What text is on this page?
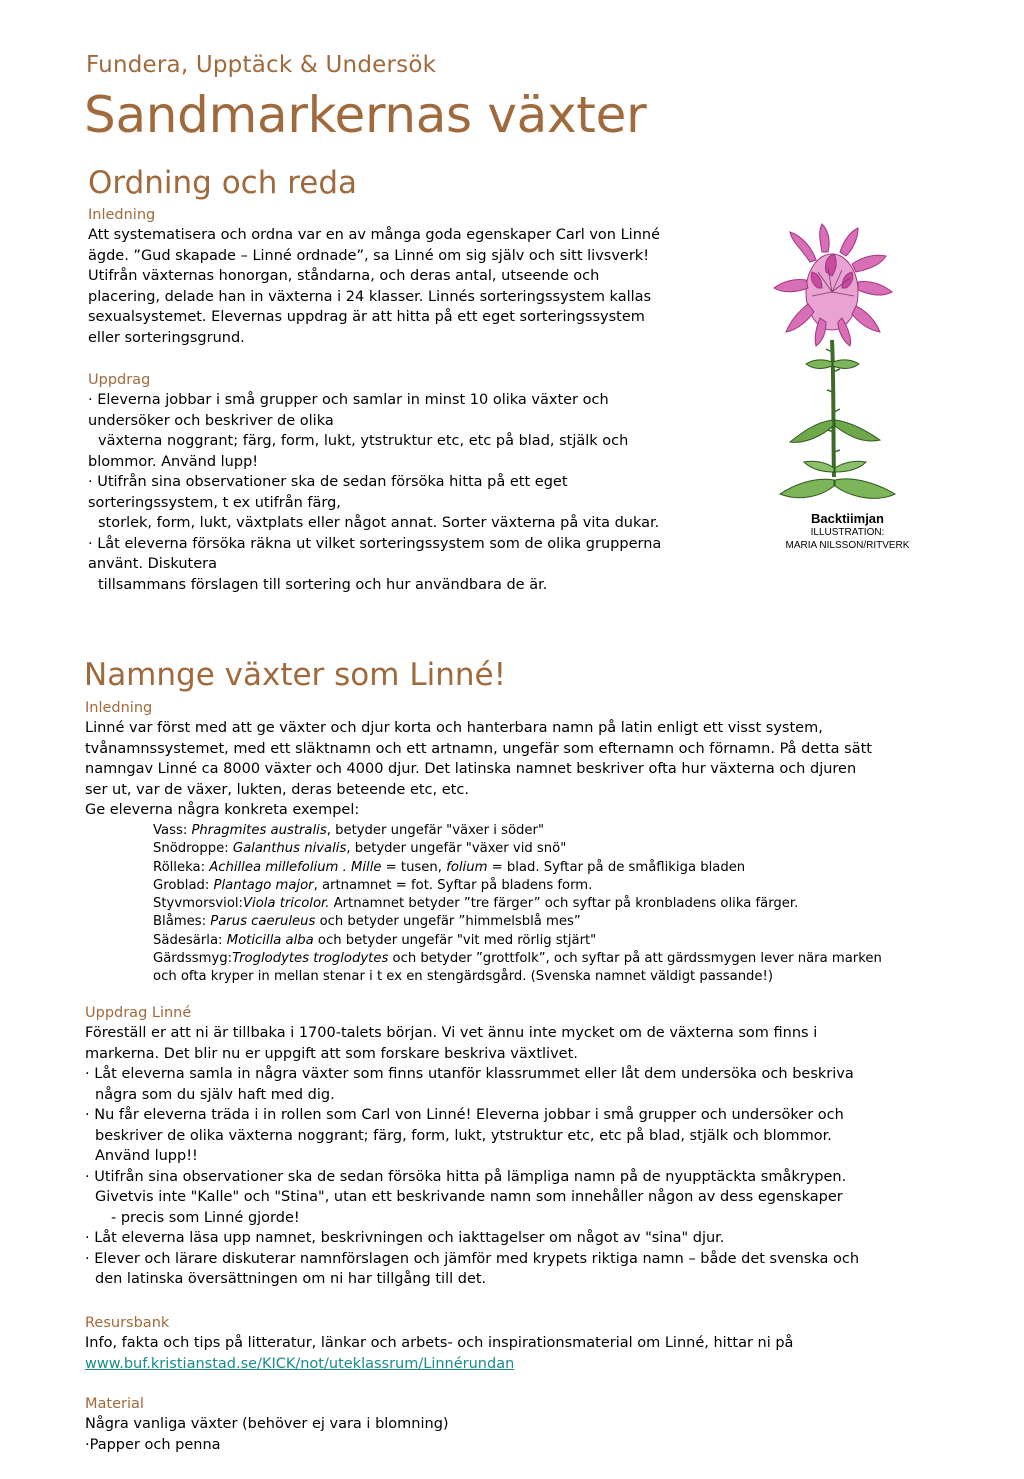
Fundera, Upptäck & Undersök
Sandmarkernas växter
Ordning och reda
Inledning
Att systematisera och ordna var en av många goda egenskaper Carl von Linné
ägde. ”Gud skapade – Linné ordnade”, sa Linné om sig själv och sitt livsverk!
Utifrån växternas honorgan, ståndarna, och deras antal, utseende och
placering, delade han in växterna i 24 klasser. Linnés sorteringssystem kallas
sexualsystemet. Elevernas uppdrag är att hitta på ett eget sorteringssystem
eller sorteringsgrund.
Uppdrag
· Eleverna jobbar i små grupper och samlar in minst 10 olika växter och
undersöker och beskriver de olika
växterna noggrant; färg, form, lukt, ytstruktur etc, etc på blad, stjälk och
blommor. Använd lupp!
· Utifrån sina observationer ska de sedan försöka hitta på ett eget
sorteringssystem, t ex utifrån färg,
storlek, form, lukt, växtplats eller något annat. Sorter växterna på vita dukar.
· Låt eleverna försöka räkna ut vilket sorteringssystem som de olika grupperna
använt. Diskutera
tillsammans förslagen till sortering och hur användbara de är.
Backtiimjan
ILLUSTRATION:
MARIA NILSSON/RITVERK
Namnge växter som Linné!
Inledning
Linné var först med att ge växter och djur korta och hanterbara namn på latin enligt ett visst system,
tvånamnssystemet, med ett släktnamn och ett artnamn, ungefär som efternamn och förnamn. På detta sätt
namngav Linné ca 8000 växter och 4000 djur. Det latinska namnet beskriver ofta hur växterna och djuren
ser ut, var de växer, lukten, deras beteende etc, etc.
Ge eleverna några konkreta exempel:
Vass: Phragmites australis, betyder ungefär "växer i söder"
Snödroppe: Galanthus nivalis, betyder ungefär "växer vid snö"
Rölleka: Achillea millefolium . Mille = tusen, folium = blad. Syftar på de småflikiga bladen
Groblad: Plantago major, artnamnet = fot. Syftar på bladens form.
Styvmorsviol:Viola tricolor. Artnamnet betyder ”tre färger” och syftar på kronbladens olika färger.
Blåmes: Parus caeruleus och betyder ungefär ”himmelsblå mes”
Sädesärla: Moticilla alba och betyder ungefär "vit med rörlig stjärt"
Gärdssmyg:Troglodytes troglodytes och betyder ”grottfolk”, och syftar på att gärdssmygen lever nära marken
och ofta kryper in mellan stenar i t ex en stengärdsgård. (Svenska namnet väldigt passande!)
Uppdrag Linné
Föreställ er att ni är tillbaka i 1700-talets början. Vi vet ännu inte mycket om de växterna som finns i
markerna. Det blir nu er uppgift att som forskare beskriva växtlivet.
· Låt eleverna samla in några växter som finns utanför klassrummet eller låt dem undersöka och beskriva
några som du själv haft med dig.
· Nu får eleverna träda i in rollen som Carl von Linné! Eleverna jobbar i små grupper och undersöker och
beskriver de olika växterna noggrant; färg, form, lukt, ytstruktur etc, etc på blad, stjälk och blommor.
Använd lupp!!
· Utifrån sina observationer ska de sedan försöka hitta på lämpliga namn på de nyupptäckta småkrypen.
Givetvis inte "Kalle" och "Stina", utan ett beskrivande namn som innehåller någon av dess egenskaper
- precis som Linné gjorde!
· Låt eleverna läsa upp namnet, beskrivningen och iakttagelser om något av "sina" djur.
· Elever och lärare diskuterar namnförslagen och jämför med krypets riktiga namn – både det svenska och
den latinska översättningen om ni har tillgång till det.
Resursbank
Info, fakta och tips på litteratur, länkar och arbets- och inspirationsmaterial om Linné, hittar ni på
www.buf.kristianstad.se/KICK/not/uteklassrum/Linnérundan
Material
Några vanliga växter (behöver ej vara i blomning)
·Papper och penna
